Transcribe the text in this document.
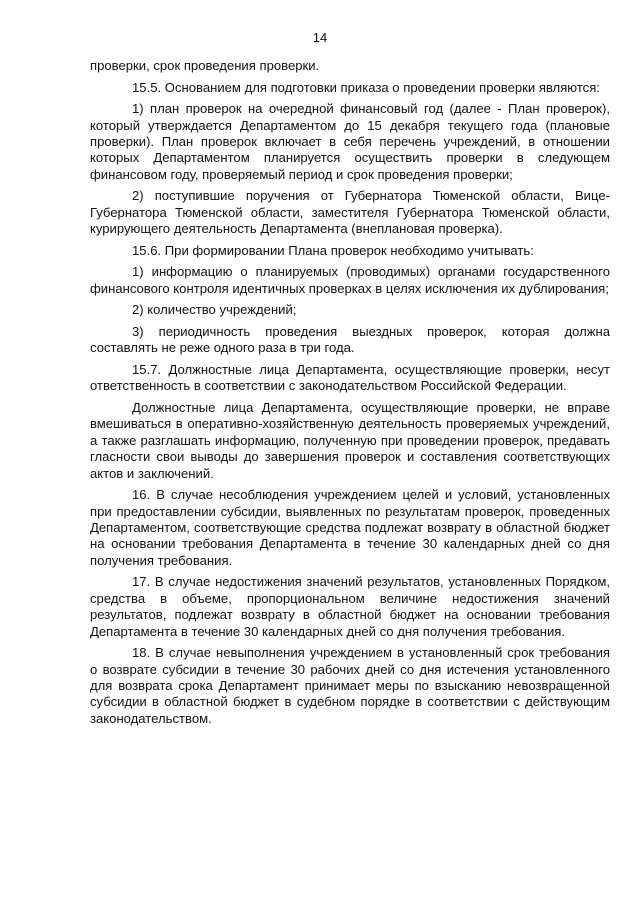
14

проверки, срок проведения проверки.

15.5. Основанием для подготовки приказа о проведении проверки являются:

1) план проверок на очередной финансовый год (далее - План проверок), который утверждается Департаментом до 15 декабря текущего года (плановые проверки). План проверок включает в себя перечень учреждений, в отношении которых Департаментом планируется осуществить проверки в следующем финансовом году, проверяемый период и срок проведения проверки;

2) поступившие поручения от Губернатора Тюменской области, Вице-Губернатора Тюменской области, заместителя Губернатора Тюменской области, курирующего деятельность Департамента (внеплановая проверка).

15.6. При формировании Плана проверок необходимо учитывать:

1) информацию о планируемых (проводимых) органами государственного финансового контроля идентичных проверках в целях исключения их дублирования;

2) количество учреждений;

3) периодичность проведения выездных проверок, которая должна составлять не реже одного раза в три года.

15.7. Должностные лица Департамента, осуществляющие проверки, несут ответственность в соответствии с законодательством Российской Федерации.

Должностные лица Департамента, осуществляющие проверки, не вправе вмешиваться в оперативно-хозяйственную деятельность проверяемых учреждений, а также разглашать информацию, полученную при проведении проверок, предавать гласности свои выводы до завершения проверок и составления соответствующих актов и заключений.

16. В случае несоблюдения учреждением целей и условий, установленных при предоставлении субсидии, выявленных по результатам проверок, проведенных Департаментом, соответствующие средства подлежат возврату в областной бюджет на основании требования Департамента в течение 30 календарных дней со дня получения требования.

17. В случае недостижения значений результатов, установленных Порядком, средства в объеме, пропорциональном величине недостижения значений результатов, подлежат возврату в областной бюджет на основании требования Департамента в течение 30 календарных дней со дня получения требования.

18. В случае невыполнения учреждением в установленный срок требования о возврате субсидии в течение 30 рабочих дней со дня истечения установленного для возврата срока Департамент принимает меры по взысканию невозвращенной субсидии в областной бюджет в судебном порядке в соответствии с действующим законодательством.
